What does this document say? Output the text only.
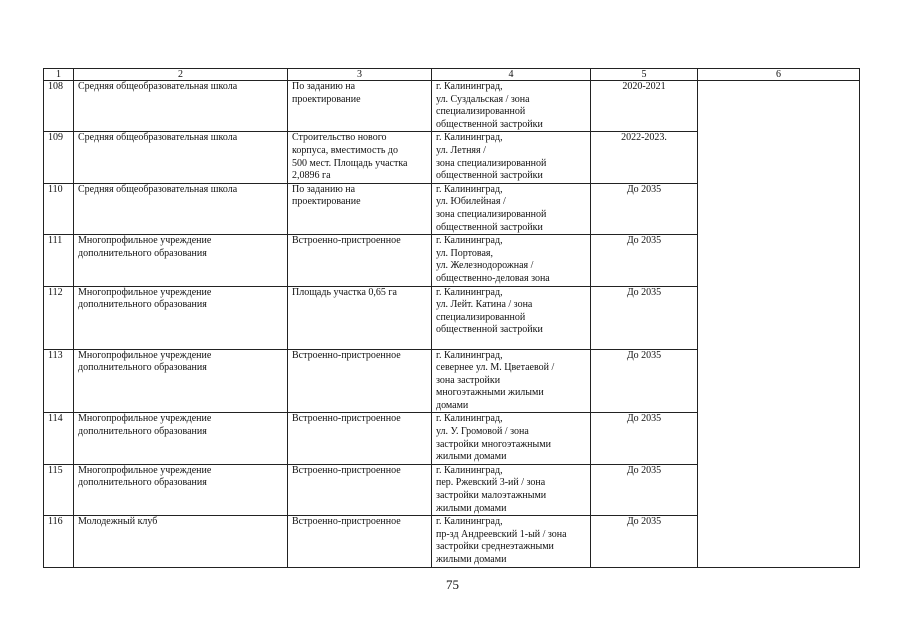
1	2	3	4	5	6
108	Средняя общеобразовательная школа	По заданию на
проектирование	г. Калининград,
ул. Суздальская / зона
специализированной
общественной застройки	2020-2021	
109	Средняя общеобразовательная школа	Строительство нового
корпуса, вместимость до
500 мест. Площадь участка
2,0896 га	г. Калининград,
ул. Летняя /
зона специализированной
общественной застройки	2022-2023.	
110	Средняя общеобразовательная школа	По заданию на
проектирование	г. Калининград,
ул. Юбилейная /
зона специализированной
общественной застройки	До 2035	
111	Многопрофильное учреждение
дополнительного образования	Встроенно-пристроенное	г. Калининград,
ул. Портовая,
ул. Железнодорожная /
общественно-деловая зона	До 2035	
112	Многопрофильное учреждение
дополнительного образования	Площадь участка 0,65 га	г. Калининград,
ул. Лейт. Катина / зона
специализированной
общественной застройки	До 2035	
113	Многопрофильное учреждение
дополнительного образования	Встроенно-пристроенное	г. Калининград,
севернее ул. М. Цветаевой /
зона застройки
многоэтажными жилыми
домами	До 2035	
114	Многопрофильное учреждение
дополнительного образования	Встроенно-пристроенное	г. Калининград,
ул. У. Громовой / зона
застройки многоэтажными
жилыми домами	До 2035	
115	Многопрофильное учреждение
дополнительного образования	Встроенно-пристроенное	г. Калининград,
пер. Ржевский 3-ий / зона
застройки малоэтажными
жилыми домами	До 2035	
116	Молодежный клуб	Встроенно-пристроенное	г. Калининград,
пр-зд Андреевский 1-ый / зона
застройки среднеэтажными
жилыми домами	До 2035	
75
